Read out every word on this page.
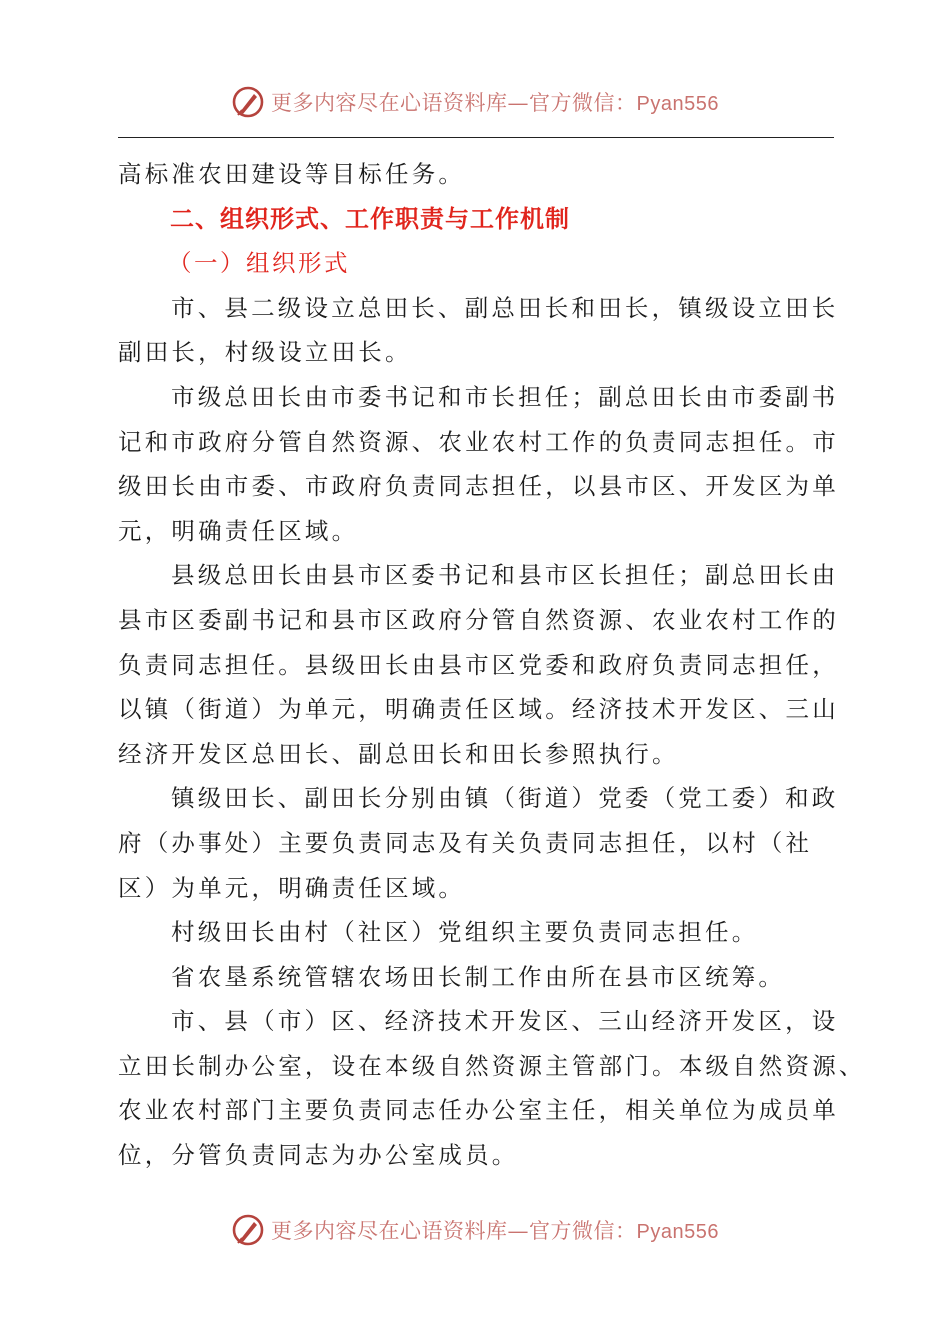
更多内容尽在心语资料库—官方微信：Pyan556
高标准农田建设等目标任务。
二、组织形式、工作职责与工作机制
（一）组织形式
市、县二级设立总田长、副总田长和田长，镇级设立田长
副田长，村级设立田长。
市级总田长由市委书记和市长担任；副总田长由市委副书
记和市政府分管自然资源、农业农村工作的负责同志担任。市
级田长由市委、市政府负责同志担任，以县市区、开发区为单
元，明确责任区域。
县级总田长由县市区委书记和县市区长担任；副总田长由
县市区委副书记和县市区政府分管自然资源、农业农村工作的
负责同志担任。县级田长由县市区党委和政府负责同志担任，
以镇（街道）为单元，明确责任区域。经济技术开发区、三山
经济开发区总田长、副总田长和田长参照执行。
镇级田长、副田长分别由镇（街道）党委（党工委）和政
府（办事处）主要负责同志及有关负责同志担任，以村（社
区）为单元，明确责任区域。
村级田长由村（社区）党组织主要负责同志担任。
省农垦系统管辖农场田长制工作由所在县市区统筹。
市、县（市）区、经济技术开发区、三山经济开发区，设
立田长制办公室，设在本级自然资源主管部门。本级自然资源、
农业农村部门主要负责同志任办公室主任，相关单位为成员单
位，分管负责同志为办公室成员。
更多内容尽在心语资料库—官方微信：Pyan556
